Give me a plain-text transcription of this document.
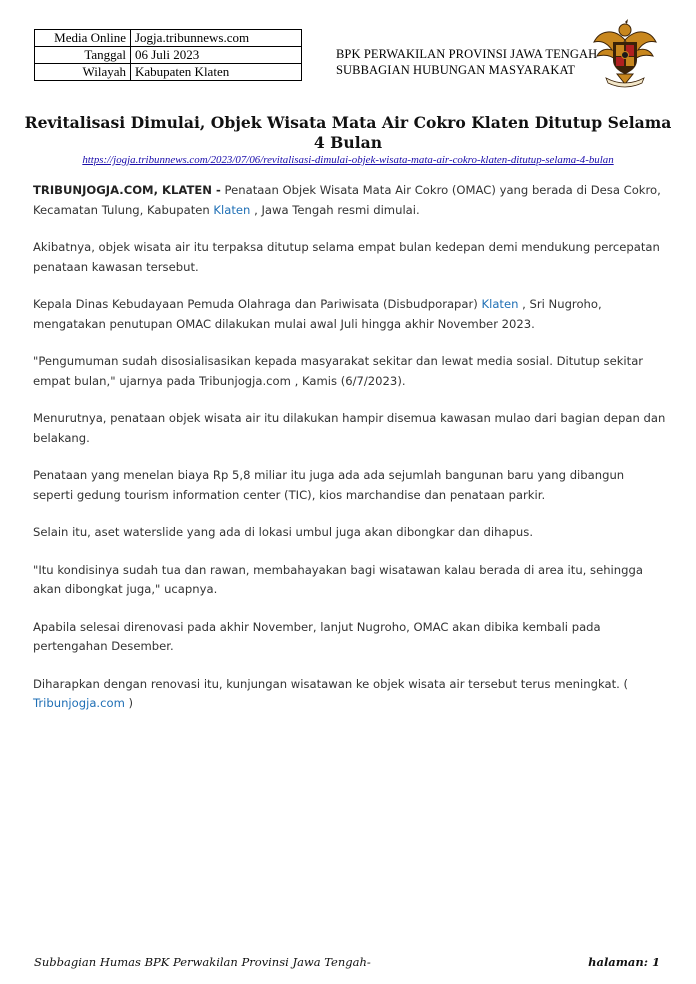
Media Online	Jogja.tribunnews.com
Tanggal	06 Juli 2023
Wilayah	Kabupaten Klaten
BPK PERWAKILAN PROVINSI JAWA TENGAH
SUBBAGIAN HUBUNGAN MASYARAKAT
Revitalisasi Dimulai, Objek Wisata Mata Air Cokro Klaten Ditutup Selama
4 Bulan
https://jogja.tribunnews.com/2023/07/06/revitalisasi-dimulai-objek-wisata-mata-air-cokro-klaten-ditutup-selama-4-bulan

TRIBUNJOGJA.COM, KLATEN - Penataan Objek Wisata Mata Air Cokro (OMAC) yang berada di Desa Cokro, Kecamatan Tulung, Kabupaten Klaten , Jawa Tengah resmi dimulai.

Akibatnya, objek wisata air itu terpaksa ditutup selama empat bulan kedepan demi mendukung percepatan penataan kawasan tersebut.

Kepala Dinas Kebudayaan Pemuda Olahraga dan Pariwisata (Disbudporapar) Klaten , Sri Nugroho, mengatakan penutupan OMAC dilakukan mulai awal Juli hingga akhir November 2023.

"Pengumuman sudah disosialisasikan kepada masyarakat sekitar dan lewat media sosial. Ditutup sekitar empat bulan," ujarnya pada Tribunjogja.com , Kamis (6/7/2023).

Menurutnya, penataan objek wisata air itu dilakukan hampir disemua kawasan mulao dari bagian depan dan belakang.

Penataan yang menelan biaya Rp 5,8 miliar itu juga ada ada sejumlah bangunan baru yang dibangun seperti gedung tourism information center (TIC), kios marchandise dan penataan parkir.

Selain itu, aset waterslide yang ada di lokasi umbul juga akan dibongkar dan dihapus.

"Itu kondisinya sudah tua dan rawan, membahayakan bagi wisatawan kalau berada di area itu, sehingga akan dibongkat juga," ucapnya.

Apabila selesai direnovasi pada akhir November, lanjut Nugroho, OMAC akan dibika kembali pada pertengahan Desember.

Diharapkan dengan renovasi itu, kunjungan wisatawan ke objek wisata air tersebut terus meningkat. ( Tribunjogja.com )

Subbagian Humas BPK Perwakilan Provinsi Jawa Tengah-	halaman: 1
